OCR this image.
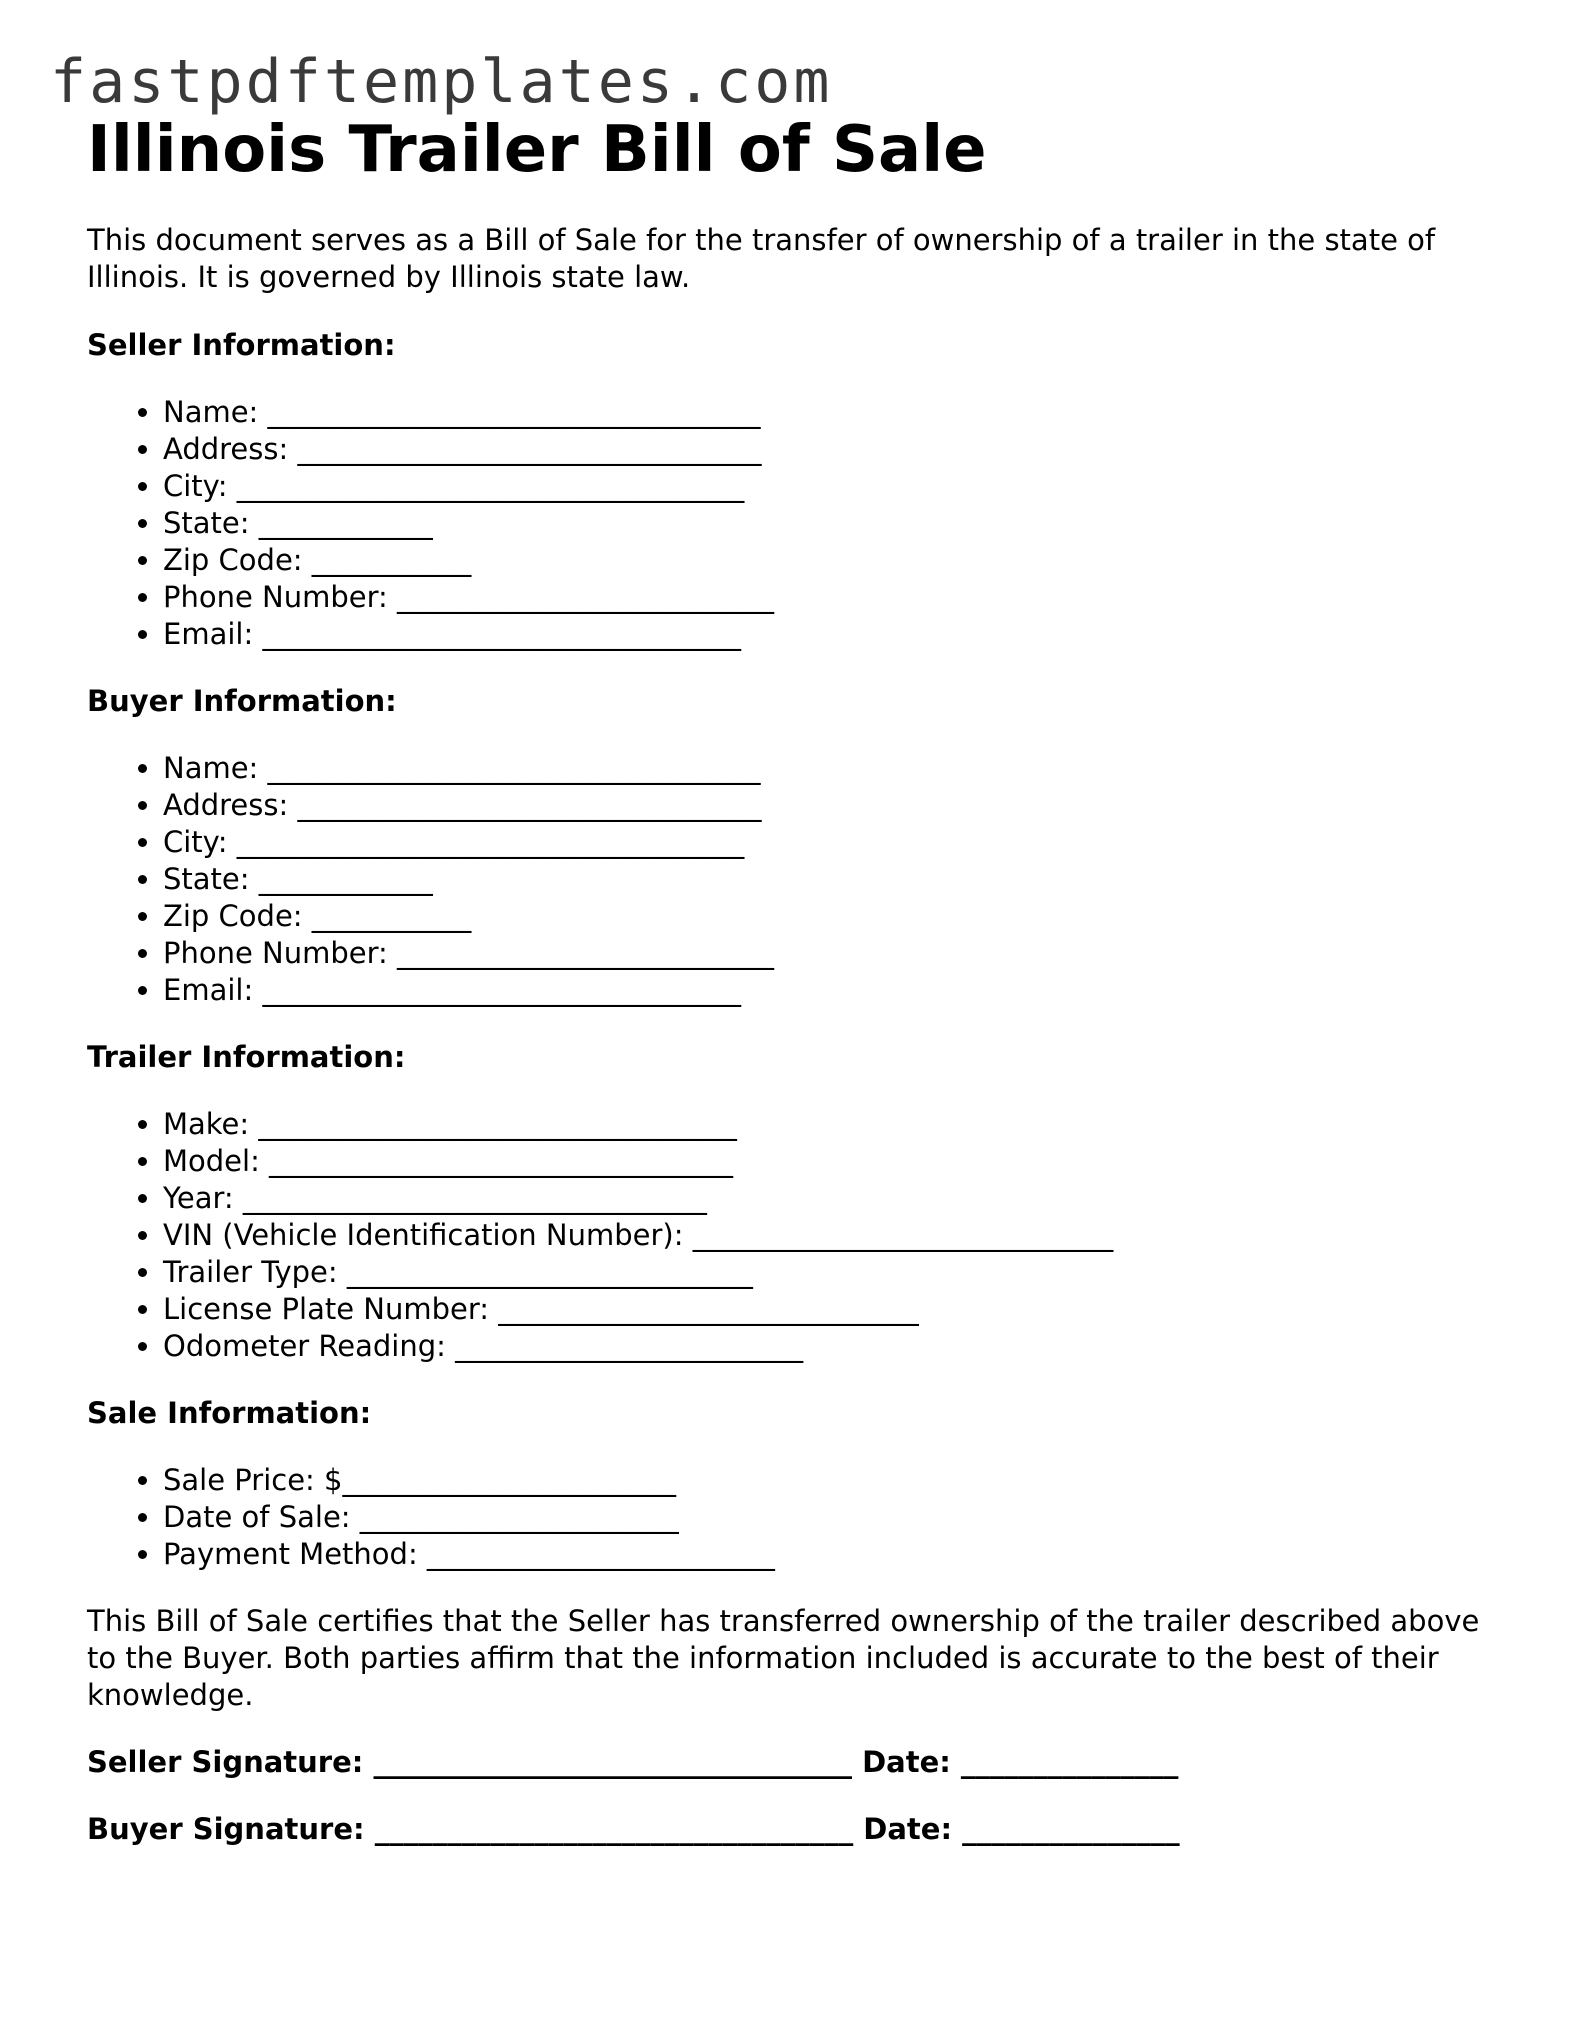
fastpdftemplates.com
Illinois Trailer Bill of Sale

This document serves as a Bill of Sale for the transfer of ownership of a trailer in the state of Illinois. It is governed by Illinois state law.

Seller Information:
• Name: __________________________________
• Address: ________________________________
• City: ___________________________________
• State: ____________
• Zip Code: ___________
• Phone Number: __________________________
• Email: _________________________________
Buyer Information:
• Name: __________________________________
• Address: ________________________________
• City: ___________________________________
• State: ____________
• Zip Code: ___________
• Phone Number: __________________________
• Email: _________________________________
Trailer Information:
• Make: _________________________________
• Model: ________________________________
• Year: ________________________________
• VIN (Vehicle Identification Number): _____________________________
• Trailer Type: ____________________________
• License Plate Number: _____________________________
• Odometer Reading: ________________________
Sale Information:
• Sale Price: $_______________________
• Date of Sale: ______________________
• Payment Method: ________________________

This Bill of Sale certifies that the Seller has transferred ownership of the trailer described above to the Buyer. Both parties affirm that the information included is accurate to the best of their knowledge.

Seller Signature: _________________________________ Date: _______________
Buyer Signature: _________________________________ Date: _______________
